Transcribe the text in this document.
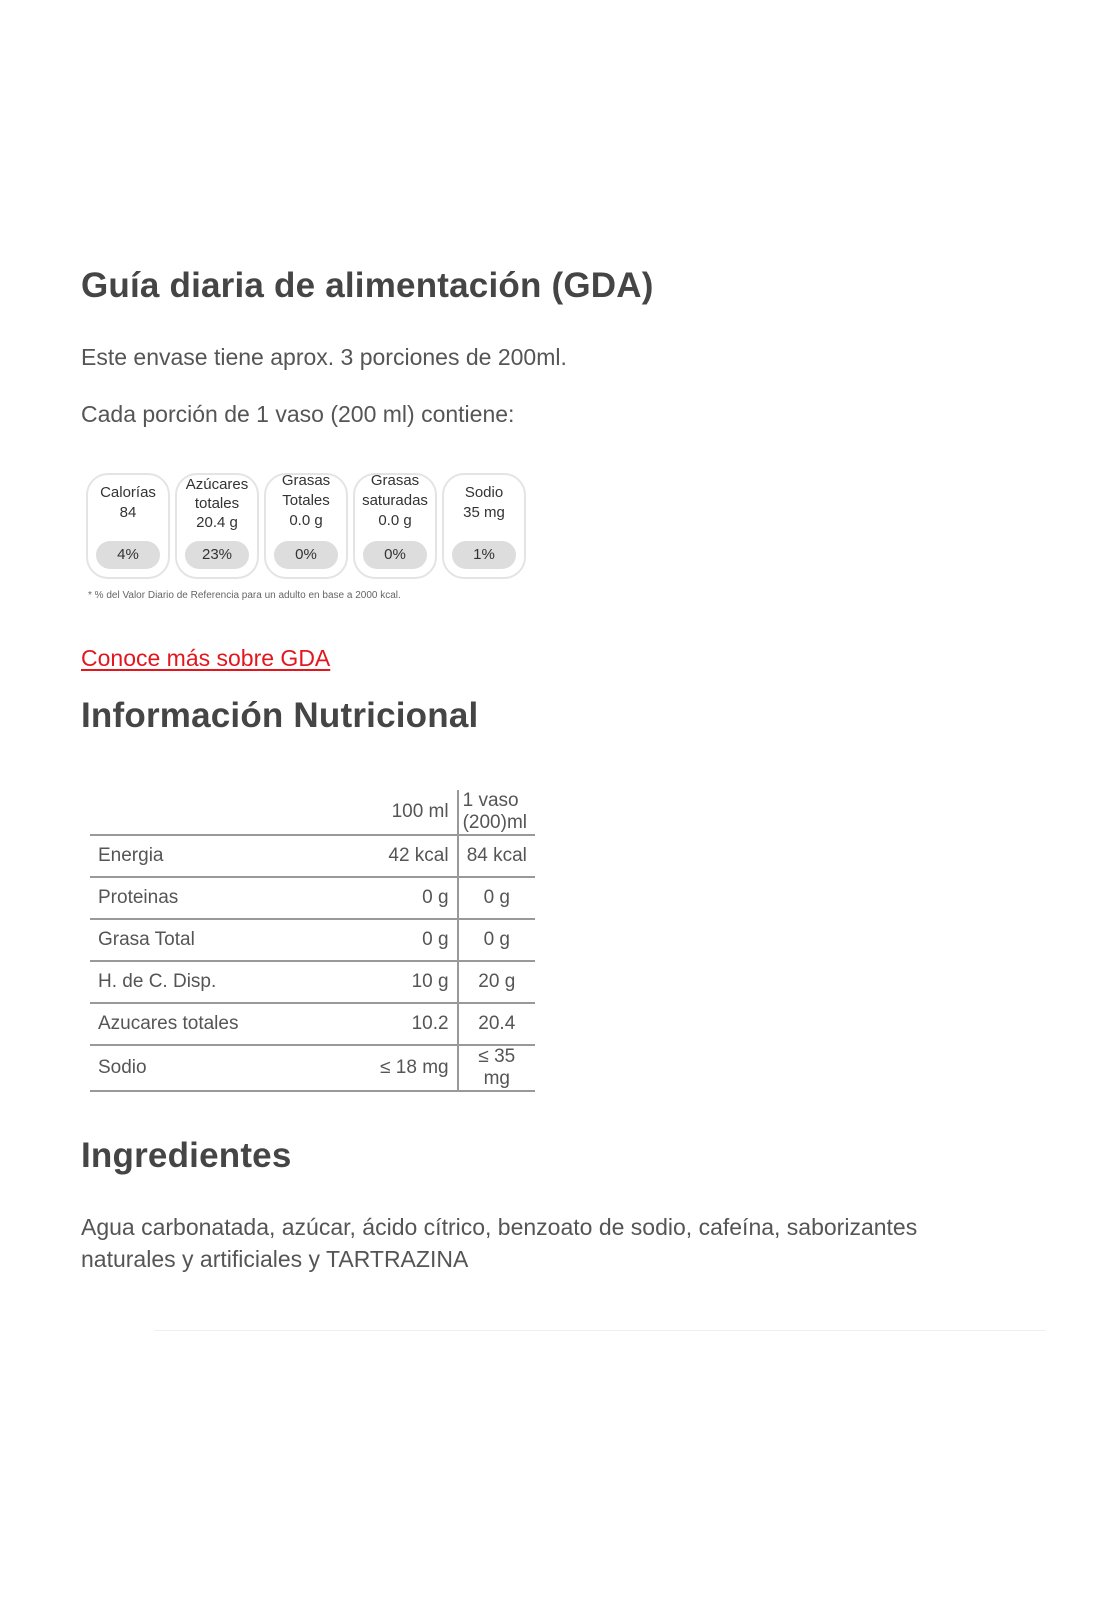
Guía diaria de alimentación (GDA)

Este envase tiene aprox. 3 porciones de 200ml.

Cada porción de 1 vaso (200 ml) contiene:

Calorías
84
4%
Azúcares
totales
20.4 g
23%
Grasas
Totales
0.0 g
0%
Grasas
saturadas
0.0 g
0%
Sodio
35 mg
1%
* % del Valor Diario de Referencia para un adulto en base a 2000 kcal.
Conoce más sobre GDA
Información Nutricional
	100 ml	1 vaso (200)ml
Energia	42 kcal	84 kcal
Proteinas	0 g	0 g
Grasa Total	0 g	0 g
H. de C. Disp.	10 g	20 g
Azucares totales	10.2	20.4
Sodio	≤ 18 mg	≤ 35 mg
Ingredientes

Agua carbonatada, azúcar, ácido cítrico, benzoato de sodio, cafeína, saborizantes

naturales y artificiales y TARTRAZINA
